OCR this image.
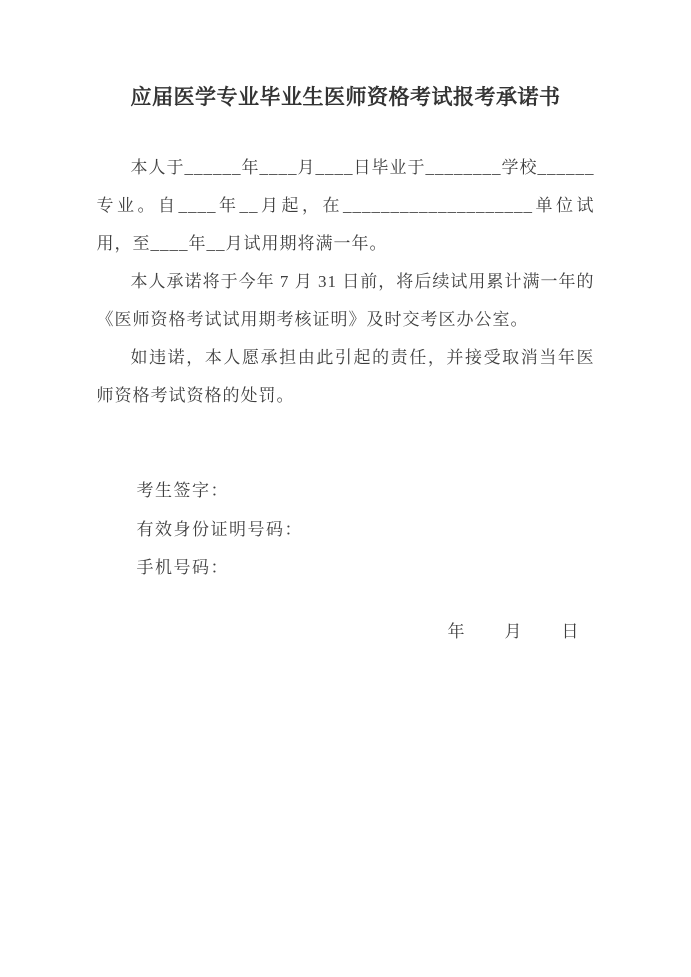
应届医学专业毕业生医师资格考试报考承诺书

本人于______年____月____日毕业于________学校______专业。自____年__月起，在____________________单位试用，至____年__月试用期将满一年。

本人承诺将于今年 7 月 31 日前，将后续试用累计满一年的《医师资格考试试用期考核证明》及时交考区办公室。

如违诺，本人愿承担由此引起的责任，并接受取消当年医师资格考试资格的处罚。

考生签字：

有效身份证明号码：

手机号码：

年　　月　　日
